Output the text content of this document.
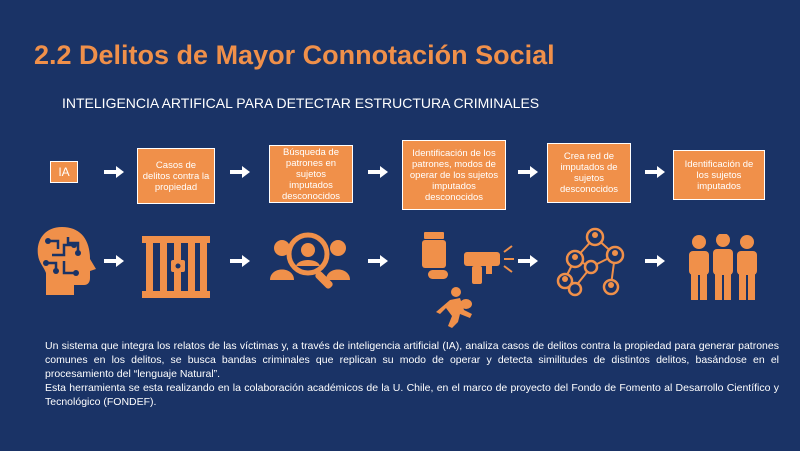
2.2 Delitos de Mayor Connotación Social
INTELIGENCIA ARTIFICAL PARA DETECTAR ESTRUCTURA CRIMINALES
IA	Casos de delitos contra la propiedad
Búsqueda de patrones en sujetos imputados desconocidos
Identificación de los patrones, modos de operar de los sujetos imputados desconocidos
Crea red de imputados de sujetos desconocidos
Identificación de los sujetos imputados

Un sistema que integra los relatos de las víctimas y, a través de inteligencia artificial (IA), analiza casos de delitos contra la propiedad para generar patrones comunes en los delitos, se busca bandas criminales que replican su modo de operar y detecta similitudes de distintos delitos, basándose en el procesamiento del “lenguaje Natural”.

Esta herramienta se esta realizando en la colaboración académicos de la U. Chile, en el marco de proyecto del Fondo de Fomento al Desarrollo Científico y Tecnológico (FONDEF).
